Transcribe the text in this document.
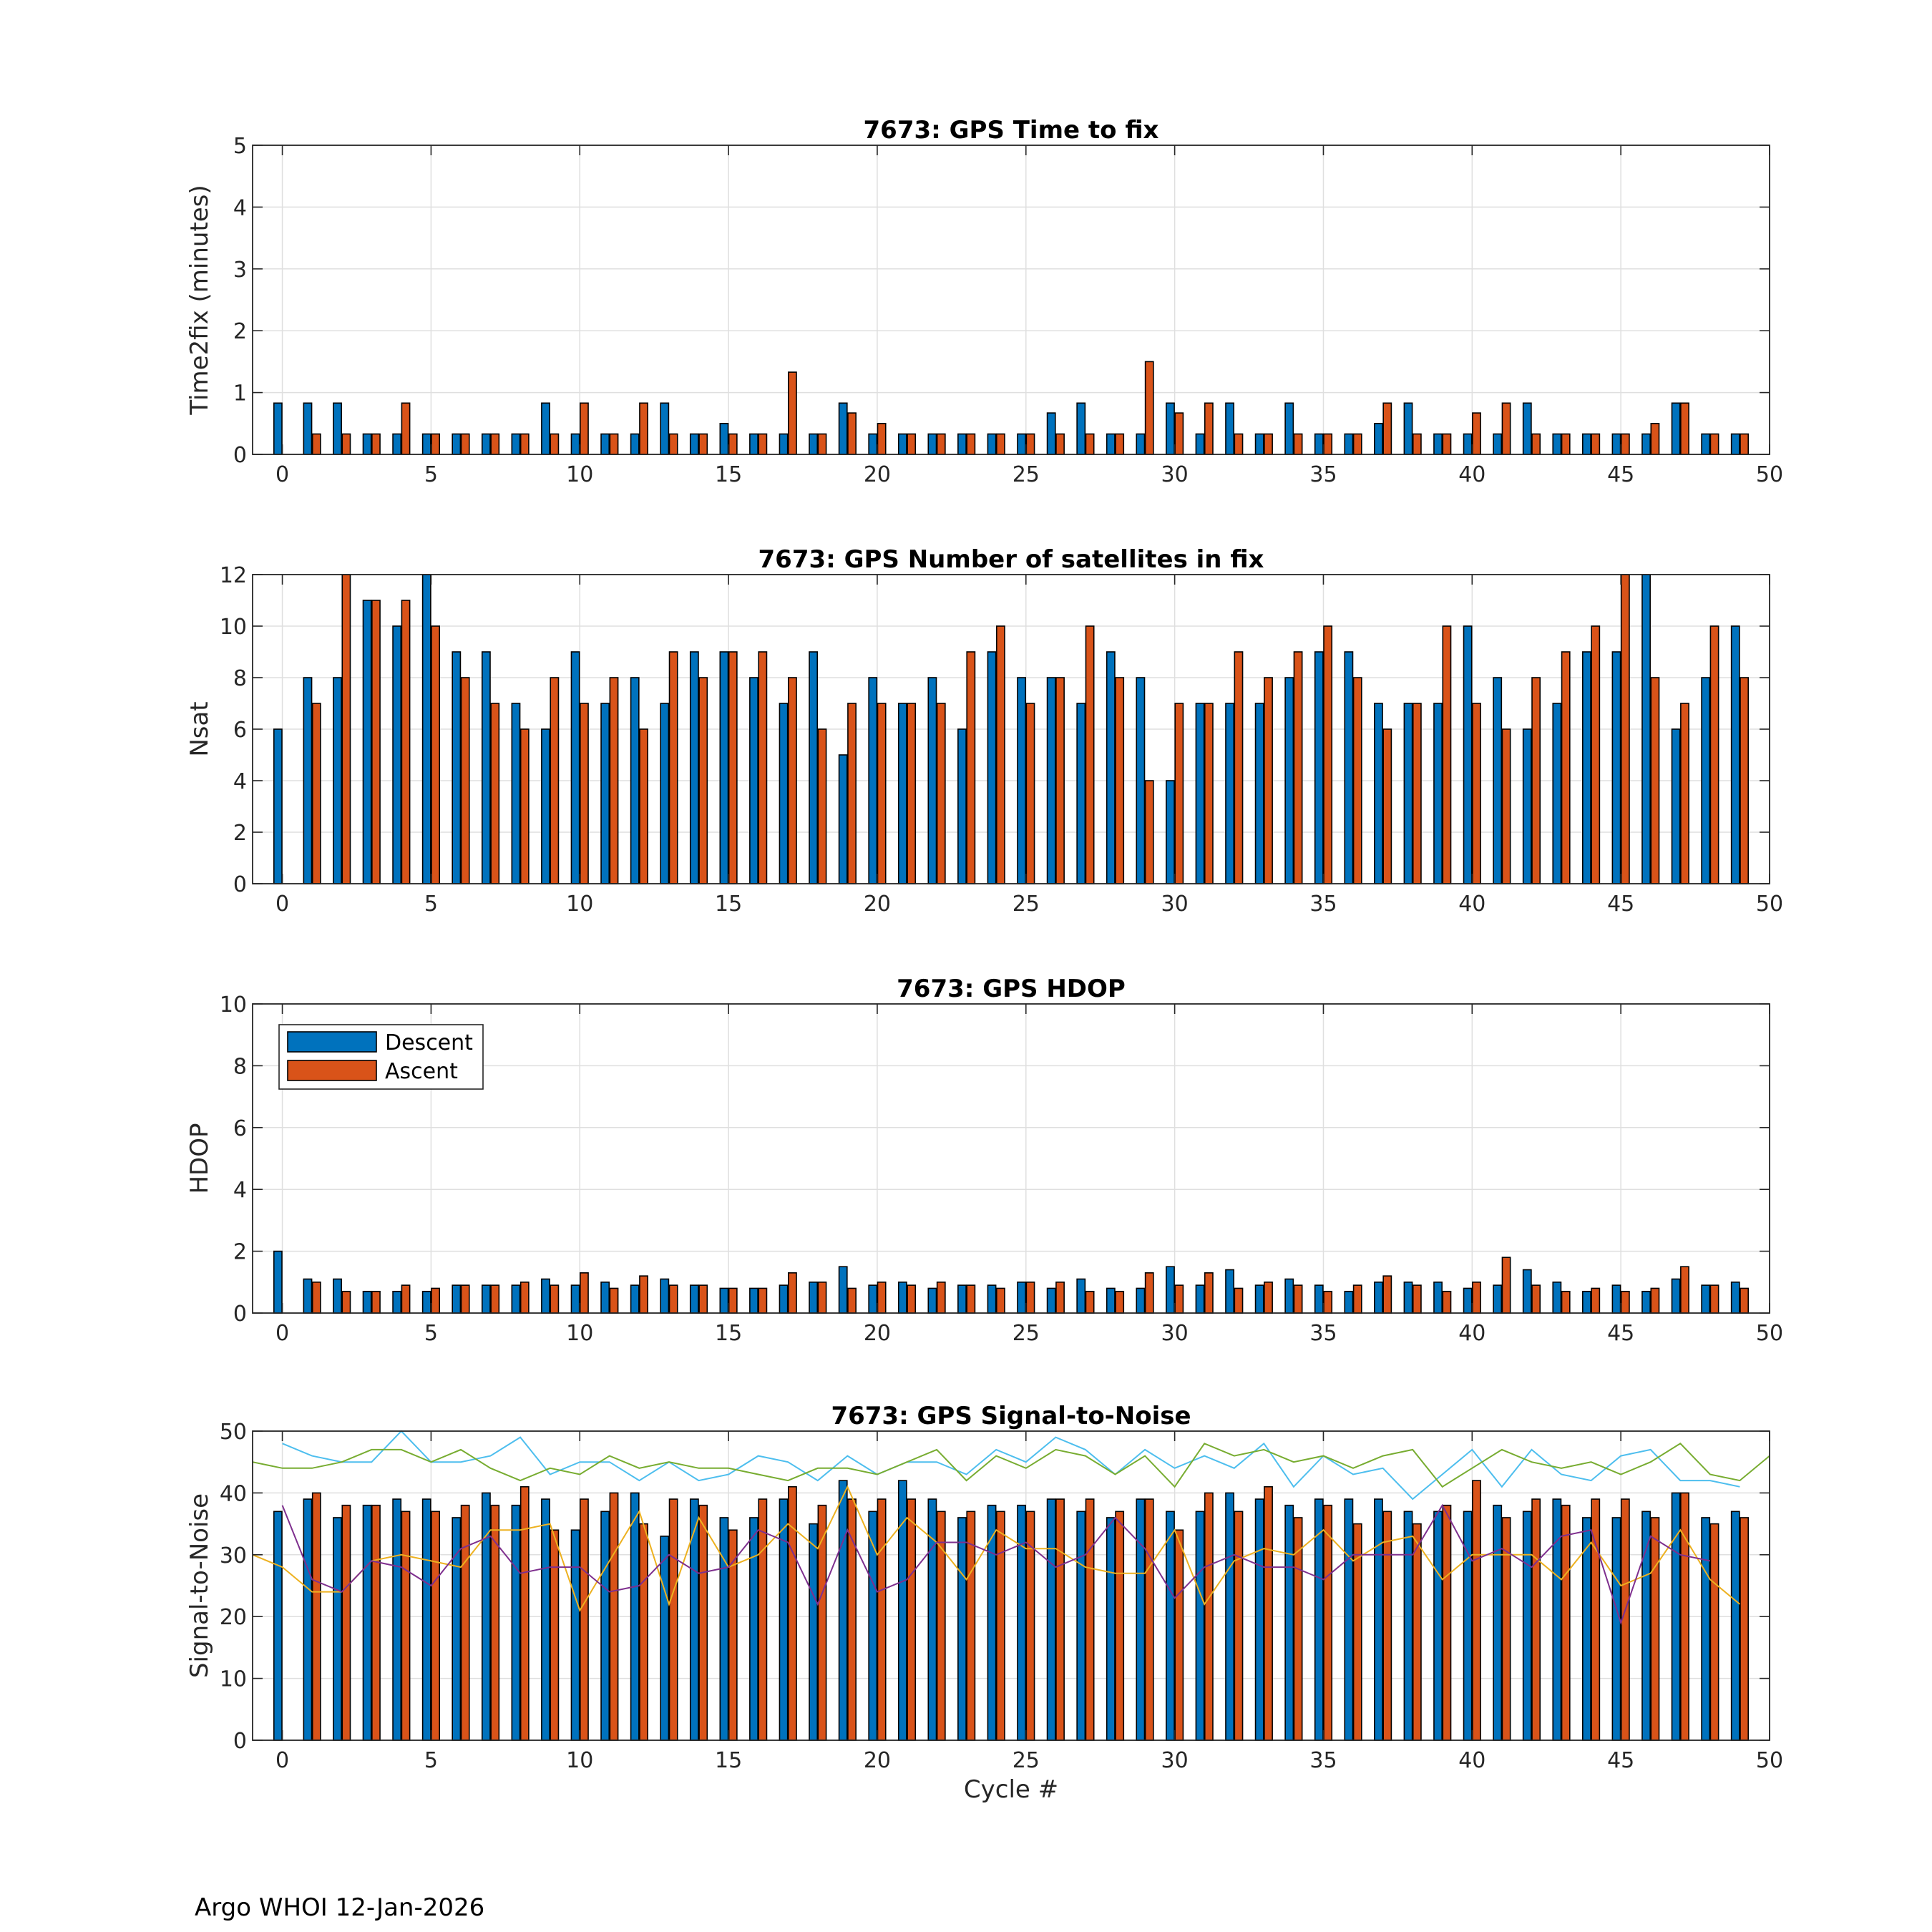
0	5	10	15	20	25	30	35	40	45	50
0
1
2
3
4
5
7673: GPS Time to fix
Time2fix (minutes)
0	5	10	15	20	25	30	35	40	45	50
0
2
4
6
8
10
12
7673: GPS Number of satellites in fix
Nsat
0	5	10	15	20	25	30	35	40	45	50
0
2
4
6
8
10
7673: GPS HDOP
HDOP
Descent
Ascent
0	5	10	15	20	25	30	35	40	45	50
0
10
20
30
40
50
7673: GPS Signal-to-Noise
Signal-to-Noise
Cycle #
Argo WHOI 12-Jan-2026
